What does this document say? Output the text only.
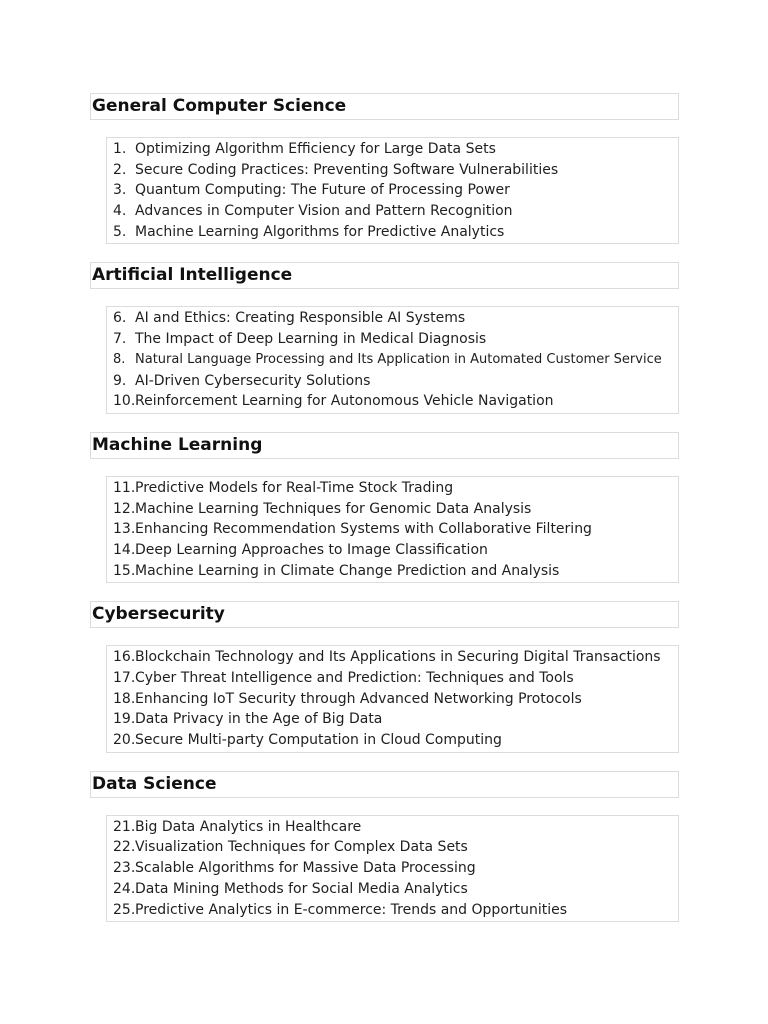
General Computer Science
1. Optimizing Algorithm Efficiency for Large Data Sets
2. Secure Coding Practices: Preventing Software Vulnerabilities
3. Quantum Computing: The Future of Processing Power
4. Advances in Computer Vision and Pattern Recognition
5. Machine Learning Algorithms for Predictive Analytics
Artificial Intelligence
6. AI and Ethics: Creating Responsible AI Systems
7. The Impact of Deep Learning in Medical Diagnosis
8. Natural Language Processing and Its Application in Automated Customer Service
9. AI-Driven Cybersecurity Solutions
10.Reinforcement Learning for Autonomous Vehicle Navigation
Machine Learning
11.Predictive Models for Real-Time Stock Trading
12.Machine Learning Techniques for Genomic Data Analysis
13.Enhancing Recommendation Systems with Collaborative Filtering
14.Deep Learning Approaches to Image Classification
15.Machine Learning in Climate Change Prediction and Analysis
Cybersecurity
16.Blockchain Technology and Its Applications in Securing Digital Transactions
17.Cyber Threat Intelligence and Prediction: Techniques and Tools
18.Enhancing IoT Security through Advanced Networking Protocols
19.Data Privacy in the Age of Big Data
20.Secure Multi-party Computation in Cloud Computing
Data Science
21.Big Data Analytics in Healthcare
22.Visualization Techniques for Complex Data Sets
23.Scalable Algorithms for Massive Data Processing
24.Data Mining Methods for Social Media Analytics
25.Predictive Analytics in E-commerce: Trends and Opportunities
